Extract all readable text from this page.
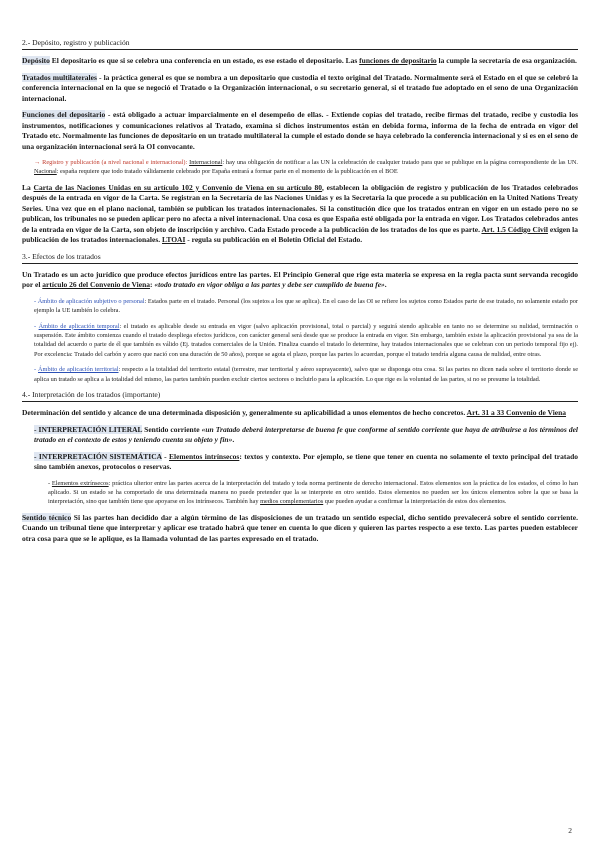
2.- Depósito, registro y publicación

Depósito El depositario es que si se celebra una conferencia en un estado, es ese estado el depositario. Las funciones de depositario la cumple la secretaría de esa organización.

Tratados multilaterales - la práctica general es que se nombra a un depositario que custodia el texto original del Tratado. Normalmente será el Estado en el que se celebró la conferencia internacional en la que se negoció el Tratado o la Organización internacional, o su secretario general, si el tratado fue adoptado en el seno de una Organización internacional.

Funciones del depositario - está obligado a actuar imparcialmente en el desempeño de ellas. - Extiende copias del tratado, recibe firmas del tratado, recibe y custodia los instrumentos, notificaciones y comunicaciones relativos al Tratado, examina si dichos instrumentos están en debida forma, informa de la fecha de entrada en vigor del Tratado etc. Normalmente las funciones de depositario en un tratado multilateral la cumple el estado donde se haya celebrado la conferencia internacional y si es en el seno de una organización internacional será la OI convocante.

→ Registro y publicación (a nivel nacional e internacional): Internacional: hay una obligación de notificar a las UN la celebración de cualquier tratado para que se publique en la página correspondiente de las UN. Nacional: españa requiere que todo tratado válidamente celebrado por España entrará a formar parte en el momento de la publicación en el BOE

La Carta de las Naciones Unidas en su artículo 102 y Convenio de Viena en su artículo 80, establecen la obligación de registro y publicación de los Tratados celebrados después de la entrada en vigor de la Carta. Se registran en la Secretaría de las Naciones Unidas y es la Secretaría la que procede a su publicación en la United Nations Treaty Series. Una vez que en el plano nacional, también se publican los tratados internacionales. Si la constitución dice que los tratados entran en vigor en un estado pero no se publican, los tribunales no se pueden aplicar pero no afecta a nivel internacional. Una cosa es que España esté obligada por la entrada en vigor. Los Tratados celebrados antes de la entrada en vigor de la Carta, son objeto de inscripción y archivo. Cada Estado procede a la publicación de los tratados de los que es parte. Art. 1.5 Código Civil exigen la publicación de los tratados internacionales. LTOAI - regula su publicación en el Boletín Oficial del Estado.

3.- Efectos de los tratados

Un Tratado es un acto jurídico que produce efectos jurídicos entre las partes. El Principio General que rige esta materia se expresa en la regla pacta sunt servanda recogido por el artículo 26 del Convenio de Viena: «todo tratado en vigor obliga a las partes y debe ser cumplido de buena fe».

- Ámbito de aplicación subjetivo o personal: Estados parte en el tratado. Personal (los sujetos a los que se aplica). En el caso de las OI se refiere los sujetos como Estados parte de ese tratado, no solamente estado por ejemplo la UE también lo celebra.

- Ámbito de aplicación temporal: el tratado es aplicable desde su entrada en vigor (salvo aplicación provisional, total o parcial) y seguirá siendo aplicable en tanto no se determine su nulidad, terminación o suspensión. Este ámbito comienza cuando el tratado despliega efectos jurídicos, con carácter general será desde que se produce la entrada en vigor. Sin embargo, también existe la aplicación provisional ya sea de la totalidad del acuerdo o parte de él que también es válido (Ej. tratados comerciales de la Unión. Finaliza cuando el tratado lo determine, hay tratados internacionales que se celebran con un periodo temporal fijo ej). Por excelencia: Tratado del carbón y acero que nació con una duración de 50 años), porque se agota el plazo, porque las partes lo acuerdan, porque el tratado tendría alguna causa de nulidad, entre otras.

- Ámbito de aplicación territorial: respecto a la totalidad del territorio estatal (terrestre, mar territorial y aéreo suprayacente), salvo que se disponga otra cosa. Si las partes no dicen nada sobre el territorio donde se aplica un tratado se aplica a la totalidad del mismo, las partes también pueden excluir ciertos sectores o incluirlo para la aplicación. Lo que rige es la voluntad de las partes, si no se presume la totalidad.

4.- Interpretación de los tratados (importante)

Determinación del sentido y alcance de una determinada disposición y, generalmente su aplicabilidad a unos elementos de hecho concretos. Art. 31 a 33 Convenio de Viena

- INTERPRETACIÓN LITERAL Sentido corriente «un Tratado deberá interpretarse de buena fe que conforme al sentido corriente que haya de atribuirse a los términos del tratado en el contexto de estos y teniendo cuenta su objeto y fin».

- INTERPRETACIÓN SISTEMÁTICA - Elementos intrínsecos: textos y contexto. Por ejemplo, se tiene que tener en cuenta no solamente el texto principal del tratado sino también anexos, protocolos o reservas.

- Elementos extrínsecos: práctica ulterior entre las partes acerca de la interpretación del tratado y toda norma pertinente de derecho internacional. Estos elementos son la práctica de los estados, el cómo lo han aplicado. Si un estado se ha comportado de una determinada manera no puede pretender que la se interprete en otro sentido. Estos elementos no pueden ser los únicos elementos sobre la que se basa la interpretación, sino que también tiene que apoyarse en los intrínsecos. También hay medios complementarios que pueden ayudar a confirmar la interpretación de estos dos elementos.

Sentido técnico Si las partes han decidido dar a algún término de las disposiciones de un tratado un sentido especial, dicho sentido prevalecerá sobre el sentido corriente. Cuando un tribunal tiene que interpretar y aplicar ese tratado habrá que tener en cuenta lo que dicen y quieren las partes respecto a ese texto. Las partes pueden establecer otra cosa para que se le aplique, es la llamada voluntad de las partes expresado en el tratado.

2
